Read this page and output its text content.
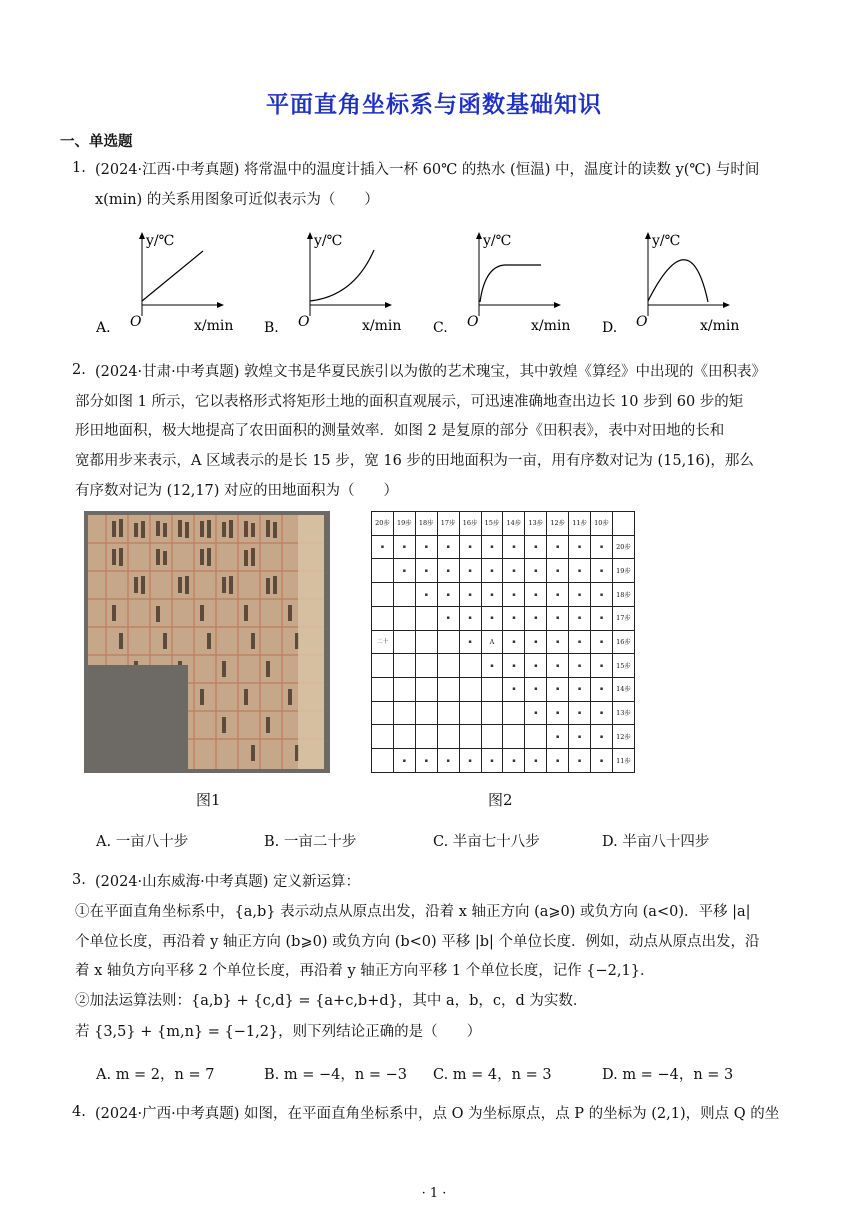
平面直角坐标系与函数基础知识
一、单选题
1. (2024·江西·中考真题) 将常温中的温度计插入一杯 60℃ 的热水 (恒温) 中，温度计的读数 y(℃) 与时间
x(min) 的关系用图象可近似表示为（　　）
y/℃
x/min
O
A.
y/℃
x/min
O
B.
y/℃
x/min
O
C.
y/℃
x/min
O
D.
2. (2024·甘肃·中考真题) 敦煌文书是华夏民族引以为傲的艺术瑰宝，其中敦煌《算经》中出现的《田积表》
部分如图 1 所示，它以表格形式将矩形土地的面积直观展示，可迅速准确地查出边长 10 步到 60 步的矩
形田地面积，极大地提高了农田面积的测量效率．如图 2 是复原的部分《田积表》，表中对田地的长和
宽都用步来表示，A 区域表示的是长 15 步，宽 16 步的田地面积为一亩，用有序数对记为 (15,16)，那么
有序数对记为 (12,17) 对应的田地面积为（　　）
20步	19步	18步	17步	16步	15步	14步	13步	12步	11步	10步	
▪	▪	▪	▪	▪	▪	▪	▪	▪	▪	▪	20步
	▪	▪	▪	▪	▪	▪	▪	▪	▪	▪	19步
		▪	▪	▪	▪	▪	▪	▪	▪	▪	18步
			▪	▪	▪	▪	▪	▪	▪	▪	17步
二十				▪	A	▪	▪	▪	▪	▪	16步
					▪	▪	▪	▪	▪	▪	15步
						▪	▪	▪	▪	▪	14步
							▪	▪	▪	▪	13步
								▪	▪	▪	12步
	▪	▪	▪	▪	▪	▪	▪	▪	▪	▪	11步
图1	图2
A. 一亩八十步	B. 一亩二十步	C. 半亩七十八步	D. 半亩八十四步
3. (2024·山东威海·中考真题) 定义新运算：
①在平面直角坐标系中，{a,b} 表示动点从原点出发，沿着 x 轴正方向 (a⩾0) 或负方向 (a<0)．平移 |a|
个单位长度，再沿着 y 轴正方向 (b⩾0) 或负方向 (b<0) 平移 |b| 个单位长度．例如，动点从原点出发，沿
着 x 轴负方向平移 2 个单位长度，再沿着 y 轴正方向平移 1 个单位长度，记作 {−2,1}．
②加法运算法则：{a,b} + {c,d} = {a+c,b+d}，其中 a，b，c，d 为实数．
若 {3,5} + {m,n} = {−1,2}，则下列结论正确的是（　　）
A. m = 2，n = 7	B. m = −4，n = −3 C. m = 4，n = 3	D. m = −4，n = 3
4. (2024·广西·中考真题) 如图，在平面直角坐标系中，点 O 为坐标原点，点 P 的坐标为 (2,1)，则点 Q 的坐
· 1 ·
